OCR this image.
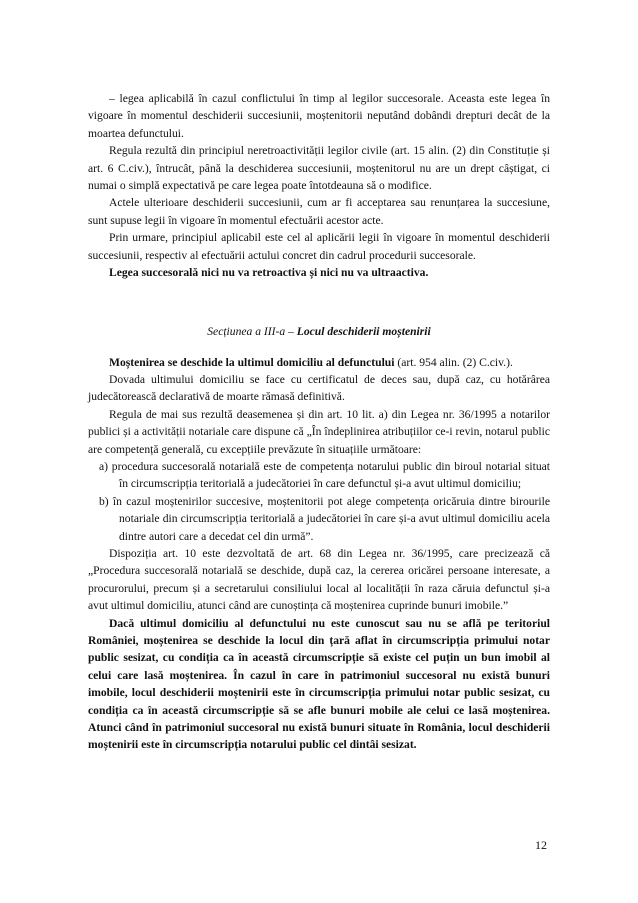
– legea aplicabilă în cazul conflictului în timp al legilor succesorale. Aceasta este legea în vigoare în momentul deschiderii succesiunii, moștenitorii neputând dobândi drepturi decât de la moartea defunctului.

Regula rezultă din principiul neretroactivității legilor civile (art. 15 alin. (2) din Constituție și art. 6 C.civ.), întrucât, până la deschiderea succesiunii, moștenitorul nu are un drept câștigat, ci numai o simplă expectativă pe care legea poate întotdeauna să o modifice.

Actele ulterioare deschiderii succesiunii, cum ar fi acceptarea sau renunțarea la succesiune, sunt supuse legii în vigoare în momentul efectuării acestor acte.

Prin urmare, principiul aplicabil este cel al aplicării legii în vigoare în momentul deschiderii succesiunii, respectiv al efectuării actului concret din cadrul procedurii succesorale.

Legea succesorală nici nu va retroactiva și nici nu va ultraactiva.

Secțiunea a III-a – Locul deschiderii moștenirii

Moștenirea se deschide la ultimul domiciliu al defunctului (art. 954 alin. (2) C.civ.).

Dovada ultimului domiciliu se face cu certificatul de deces sau, după caz, cu hotărârea judecătorească declarativă de moarte rămasă definitivă.

Regula de mai sus rezultă deasemenea și din art. 10 lit. a) din Legea nr. 36/1995 a notarilor publici și a activității notariale care dispune că „În îndeplinirea atribuțiilor ce-i revin, notarul public are competență generală, cu excepțiile prevăzute în situațiile următoare:

a) procedura succesorală notarială este de competența notarului public din biroul notarial situat în circumscripția teritorială a judecătoriei în care defunctul și-a avut ultimul domiciliu;

b) în cazul moștenirilor succesive, moștenitorii pot alege competența oricăruia dintre birourile notariale din circumscripția teritorială a judecătoriei în care și-a avut ultimul domiciliu acela dintre autori care a decedat cel din urmă”.

Dispoziția art. 10 este dezvoltată de art. 68 din Legea nr. 36/1995, care precizează că „Procedura succesorală notarială se deschide, după caz, la cererea oricărei persoane interesate, a procurorului, precum și a secretarului consiliului local al localității în raza căruia defunctul și-a avut ultimul domiciliu, atunci când are cunoștința că moștenirea cuprinde bunuri imobile.”

Dacă ultimul domiciliu al defunctului nu este cunoscut sau nu se află pe teritoriul României, moștenirea se deschide la locul din țară aflat în circumscripția primului notar public sesizat, cu condiția ca în această circumscripție să existe cel puțin un bun imobil al celui care lasă moștenirea. În cazul în care în patrimoniul succesoral nu există bunuri imobile, locul deschiderii moștenirii este în circumscripția primului notar public sesizat, cu condiția ca în această circumscripție să se afle bunuri mobile ale celui ce lasă moștenirea. Atunci când în patrimoniul succesoral nu există bunuri situate în România, locul deschiderii moștenirii este în circumscripția notarului public cel dintâi sesizat.

12
